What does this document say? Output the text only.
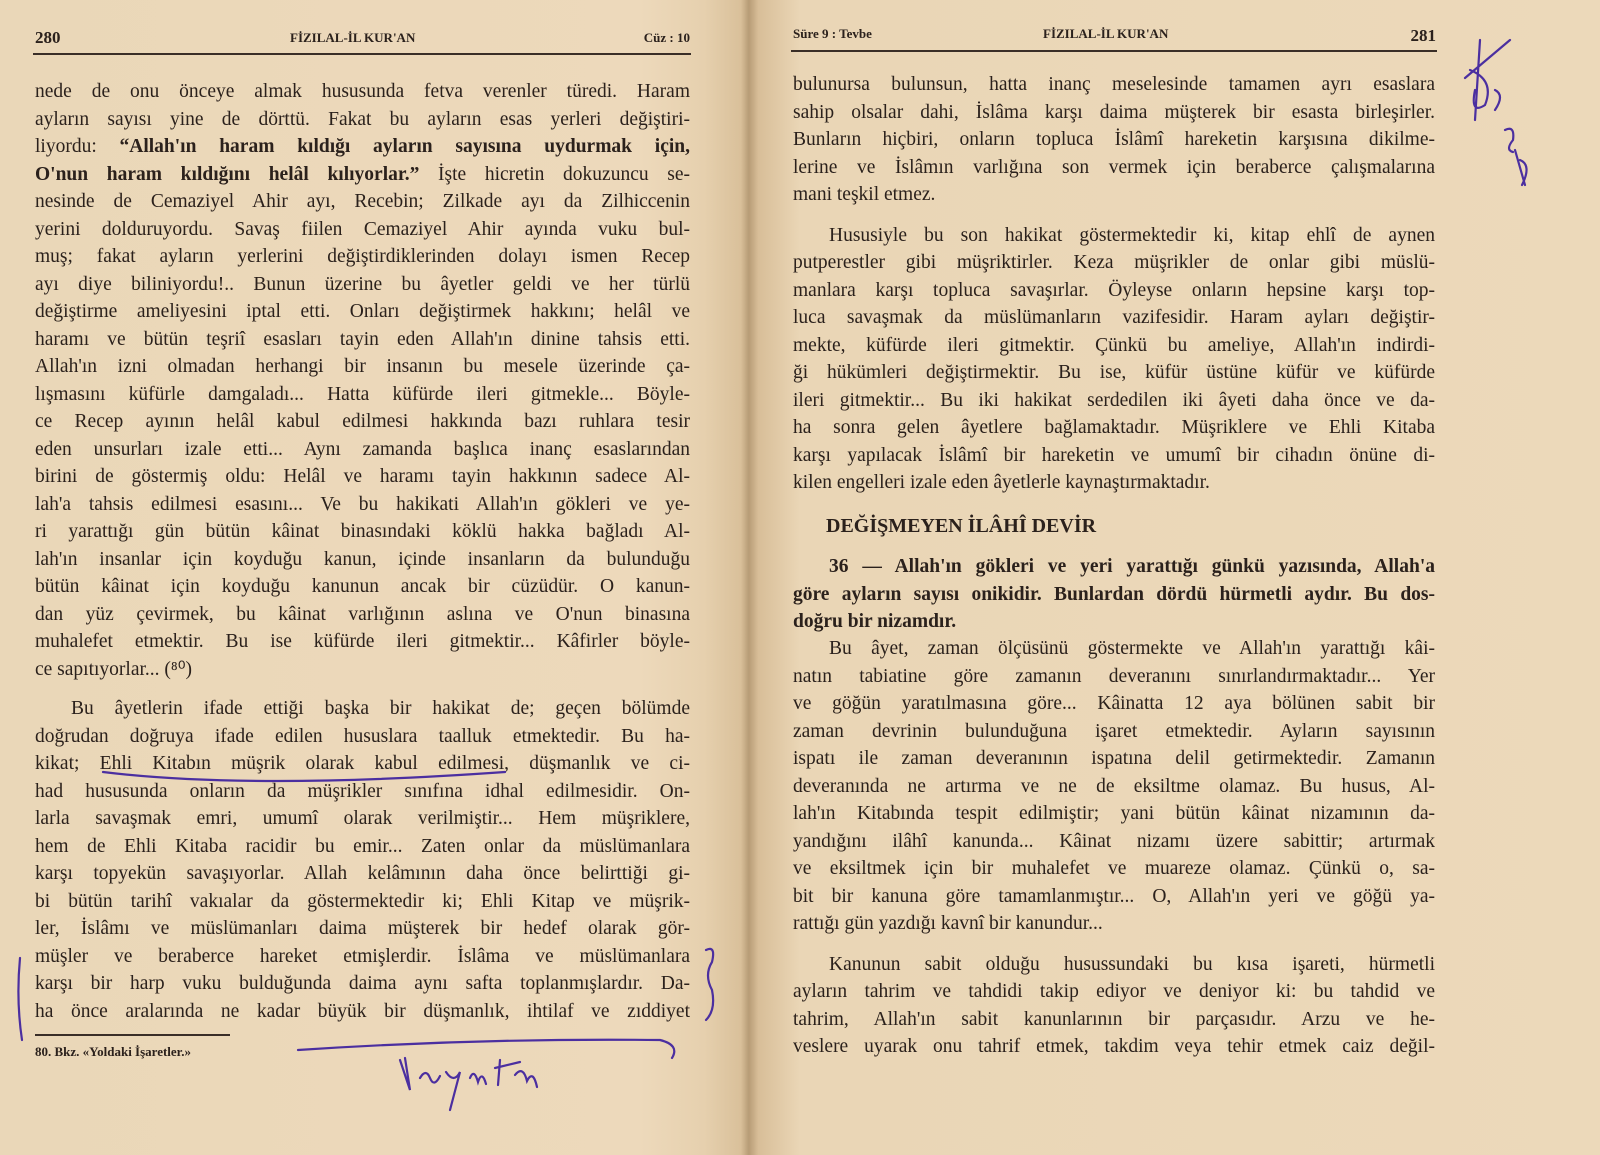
280	FİZILAL-İL KUR'AN	Cüz : 10
nede de onu önceye almak hususunda fetva verenler türedi. Haram
ayların sayısı yine de dörttü. Fakat bu ayların esas yerleri değiştiri-
liyordu: “Allah'ın haram kıldığı ayların sayısına uydurmak için,
O'nun haram kıldığını helâl kılıyorlar.” İşte hicretin dokuzuncu se-
nesinde de Cemaziyel Ahir ayı, Recebin; Zilkade ayı da Zilhiccenin
yerini dolduruyordu. Savaş fiilen Cemaziyel Ahir ayında vuku bul-
muş; fakat ayların yerlerini değiştirdiklerinden dolayı ismen Recep
ayı diye biliniyordu!.. Bunun üzerine bu âyetler geldi ve her türlü
değiştirme ameliyesini iptal etti. Onları değiştirmek hakkını; helâl ve
haramı ve bütün teşriî esasları tayin eden Allah'ın dinine tahsis etti.
Allah'ın izni olmadan herhangi bir insanın bu mesele üzerinde ça-
lışmasını küfürle damgaladı... Hatta küfürde ileri gitmekle... Böyle-
ce Recep ayının helâl kabul edilmesi hakkında bazı ruhlara tesir
eden unsurları izale etti... Aynı zamanda başlıca inanç esaslarından
birini de göstermiş oldu: Helâl ve haramı tayin hakkının sadece Al-
lah'a tahsis edilmesi esasını... Ve bu hakikati Allah'ın gökleri ve ye-
ri yarattığı gün bütün kâinat binasındaki köklü hakka bağladı Al-
lah'ın insanlar için koyduğu kanun, içinde insanların da bulunduğu
bütün kâinat için koyduğu kanunun ancak bir cüzüdür. O kanun-
dan yüz çevirmek, bu kâinat varlığının aslına ve O'nun binasına
muhalefet etmektir. Bu ise küfürde ileri gitmektir... Kâfirler böyle-
ce sapıtıyorlar... (⁸⁰)
Bu âyetlerin ifade ettiği başka bir hakikat de; geçen bölümde
doğrudan doğruya ifade edilen hususlara taalluk etmektedir. Bu ha-
kikat; Ehli Kitabın müşrik olarak kabul edilmesi, düşmanlık ve ci-
had hususunda onların da müşrikler sınıfına idhal edilmesidir. On-
larla savaşmak emri, umumî olarak verilmiştir... Hem müşriklere,
hem de Ehli Kitaba racidir bu emir... Zaten onlar da müslümanlara
karşı topyekün savaşıyorlar. Allah kelâmının daha önce belirttiği gi-
bi bütün tarihî vakıalar da göstermektedir ki; Ehli Kitap ve müşrik-
ler, İslâmı ve müslümanları daima müşterek bir hedef olarak gör-
müşler ve beraberce hareket etmişlerdir. İslâma ve müslümanlara
karşı bir harp vuku bulduğunda daima aynı safta toplanmışlardır. Da-
ha önce aralarında ne kadar büyük bir düşmanlık, ihtilaf ve zıddiyet
80. Bkz. «Yoldaki İşaretler.»
Süre 9 : Tevbe	FİZILAL-İL KUR'AN	281
bulunursa bulunsun, hatta inanç meselesinde tamamen ayrı esaslara
sahip olsalar dahi, İslâma karşı daima müşterek bir esasta birleşirler.
Bunların hiçbiri, onların topluca İslâmî hareketin karşısına dikilme-
lerine ve İslâmın varlığına son vermek için beraberce çalışmalarına
mani teşkil etmez.
Hususiyle bu son hakikat göstermektedir ki, kitap ehlî de aynen
putperestler gibi müşriktirler. Keza müşrikler de onlar gibi müslü-
manlara karşı topluca savaşırlar. Öyleyse onların hepsine karşı top-
luca savaşmak da müslümanların vazifesidir. Haram ayları değiştir-
mekte, küfürde ileri gitmektir. Çünkü bu ameliye, Allah'ın indirdi-
ği hükümleri değiştirmektir. Bu ise, küfür üstüne küfür ve küfürde
ileri gitmektir... Bu iki hakikat serdedilen iki âyeti daha önce ve da-
ha sonra gelen âyetlere bağlamaktadır. Müşriklere ve Ehli Kitaba
karşı yapılacak İslâmî bir hareketin ve umumî bir cihadın önüne di-
kilen engelleri izale eden âyetlerle kaynaştırmaktadır.
DEĞİŞMEYEN İLÂHÎ DEVİR
36 — Allah'ın gökleri ve yeri yarattığı günkü yazısında, Allah'a
göre ayların sayısı onikidir. Bunlardan dördü hürmetli aydır. Bu dos-
doğru bir nizamdır.
Bu âyet, zaman ölçüsünü göstermekte ve Allah'ın yarattığı kâi-
natın tabiatine göre zamanın deveranını sınırlandırmaktadır... Yer
ve göğün yaratılmasına göre... Kâinatta 12 aya bölünen sabit bir
zaman devrinin bulunduğuna işaret etmektedir. Ayların sayısının
ispatı ile zaman deveranının ispatına delil getirmektedir. Zamanın
deveranında ne artırma ve ne de eksiltme olamaz. Bu husus, Al-
lah'ın Kitabında tespit edilmiştir; yani bütün kâinat nizamının da-
yandığını ilâhî kanunda... Kâinat nizamı üzere sabittir; artırmak
ve eksiltmek için bir muhalefet ve muareze olamaz. Çünkü o, sa-
bit bir kanuna göre tamamlanmıştır... O, Allah'ın yeri ve göğü ya-
rattığı gün yazdığı kavnî bir kanundur...
Kanunun sabit olduğu husussundaki bu kısa işareti, hürmetli
ayların tahrim ve tahdidi takip ediyor ve deniyor ki: bu tahdid ve
tahrim, Allah'ın sabit kanunlarının bir parçasıdır. Arzu ve he-
veslere uyarak onu tahrif etmek, takdim veya tehir etmek caiz değil-
